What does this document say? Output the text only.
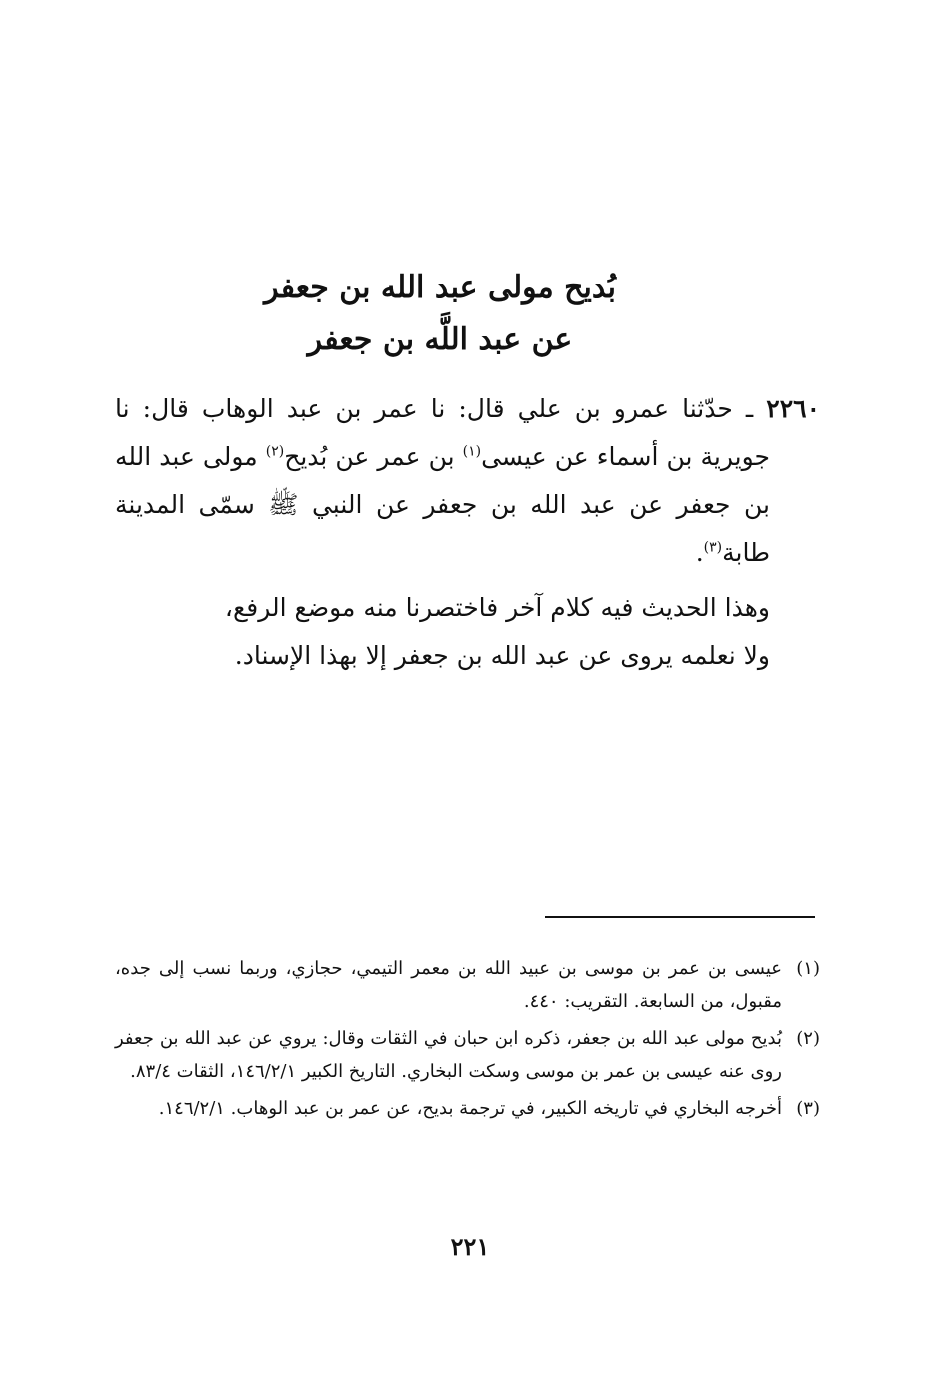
بُديح مولى عبد الله بن جعفر
عن عبد اللَّه بن جعفر

٢٢٦٠ ـ حدّثنا عمرو بن علي قال: نا عمر بن عبد الوهاب قال: نا جويرية بن أسماء عن عيسى$^{(١)}$ بن عمر عن بُديح$^{(٢)}$ مولى عبد الله بن جعفر عن عبد الله بن جعفر عن النبي ﷺ سمّى المدينة طابة$^{(٣)}$.

وهذا الحديث فيه كلام آخر فاختصرنا منه موضع الرفع،

ولا نعلمه يروى عن عبد الله بن جعفر إلا بهذا الإسناد.

(١)
عيسى بن عمر بن موسى بن عبيد الله بن معمر التيمي، حجازي، وربما نسب إلى جده، مقبول، من السابعة. التقريب: ٤٤٠.
(٢)
بُديح مولى عبد الله بن جعفر، ذكره ابن حبان في الثقات وقال: يروي عن عبد الله بن جعفر روى عنه عيسى بن عمر بن موسى وسكت البخاري. التاريخ الكبير ١٤٦/٢/١، الثقات ٨٣/٤.
(٣)
أخرجه البخاري في تاريخه الكبير، في ترجمة بديح، عن عمر بن عبد الوهاب. ١٤٦/٢/١.
٢٢١
